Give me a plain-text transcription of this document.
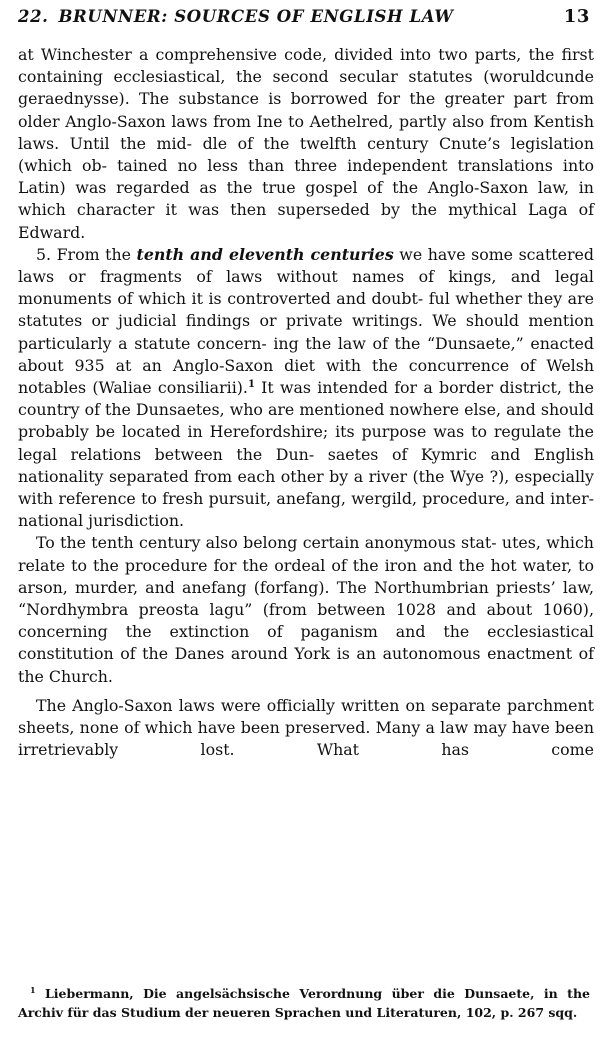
22. BRUNNER: SOURCES OF ENGLISH LAW	13

at Winchester a comprehensive code, divided into two parts, the first containing ecclesiastical, the second secular statutes (woruldcunde geraednysse). The substance is borrowed for the greater part from older Anglo-Saxon laws from Ine to Aethelred, partly also from Kentish laws. Until the mid- dle of the twelfth century Cnute’s legislation (which ob- tained no less than three independent translations into Latin) was regarded as the true gospel of the Anglo-Saxon law, in which character it was then superseded by the mythical Laga of Edward.

5. From the tenth and eleventh centuries we have some scattered laws or fragments of laws without names of kings, and legal monuments of which it is controverted and doubt- ful whether they are statutes or judicial findings or private writings. We should mention particularly a statute concern- ing the law of the “Dunsaete,” enacted about 935 at an Anglo-Saxon diet with the concurrence of Welsh notables (Waliae consiliarii).$^1$ It was intended for a border district, the country of the Dunsaetes, who are mentioned nowhere else, and should probably be located in Herefordshire; its purpose was to regulate the legal relations between the Dun- saetes of Kymric and English nationality separated from each other by a river (the Wye ?), especially with reference to fresh pursuit, anefang, wergild, procedure, and inter- national jurisdiction.

To the tenth century also belong certain anonymous stat- utes, which relate to the procedure for the ordeal of the iron and the hot water, to arson, murder, and anefang (forfang). The Northumbrian priests’ law, “Nordhymbra preosta lagu” (from between 1028 and about 1060), concerning the extinction of paganism and the ecclesiastical constitution of the Danes around York is an autonomous enactment of the Church.

The Anglo-Saxon laws were officially written on separate parchment sheets, none of which have been preserved. Many a law may have been irretrievably lost. What has come

$^1$ Liebermann, Die angelsächsische Verordnung über die Dunsaete, in the Archiv für das Studium der neueren Sprachen und Literaturen, 102, p. 267 sqq.
